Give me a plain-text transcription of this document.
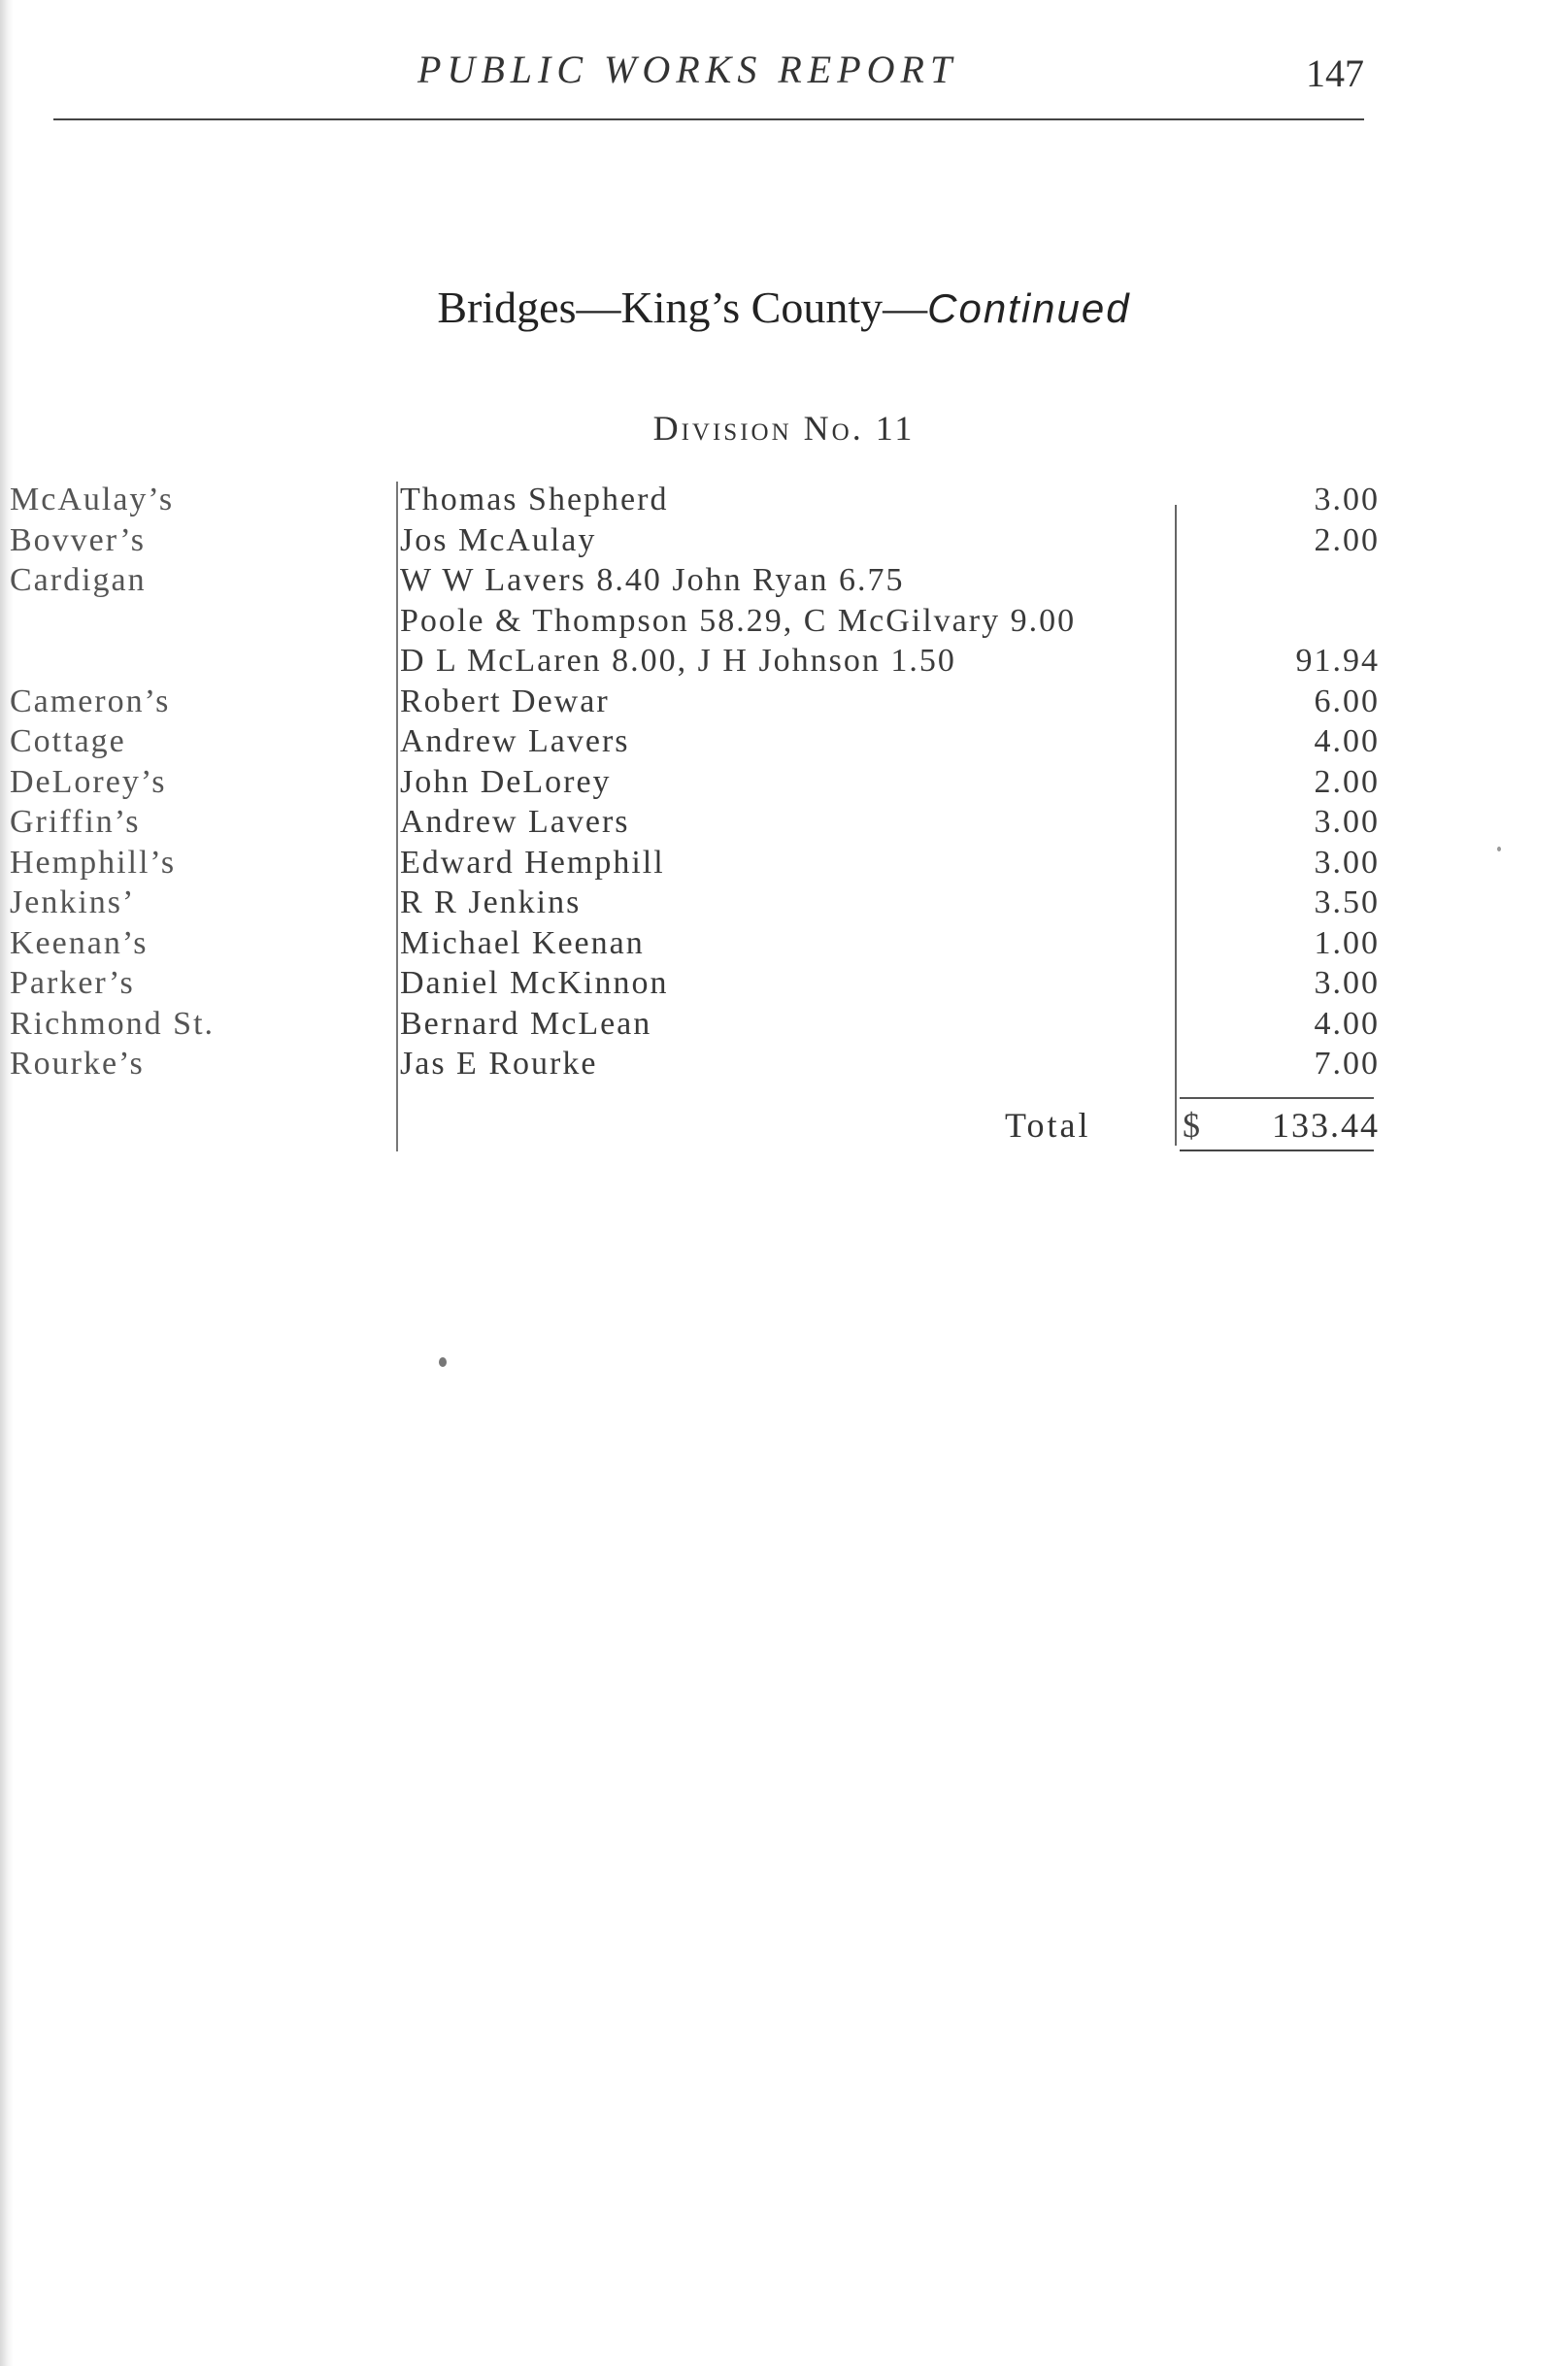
PUBLIC WORKS REPORT	147
Bridges—King’s County—Continued
Division No. 11
McAulay’s	Thomas Shepherd	3.00
Bovver’s	Jos McAulay	2.00
Cardigan	W W Lavers 8.40 John Ryan 6.75
Poole & Thompson 58.29, C McGilvary 9.00
D L McLaren 8.00, J H Johnson 1.50	91.94
Cameron’s	Robert Dewar	6.00
Cottage	Andrew Lavers	4.00
DeLorey’s	John DeLorey	2.00
Griffin’s	Andrew Lavers	3.00
Hemphill’s	Edward Hemphill	3.00
Jenkins’	R R Jenkins	3.50
Keenan’s	Michael Keenan	1.00
Parker’s	Daniel McKinnon	3.00
Richmond St.	Bernard McLean	4.00
Rourke’s	Jas E Rourke	7.00
Total	$ 133.44
